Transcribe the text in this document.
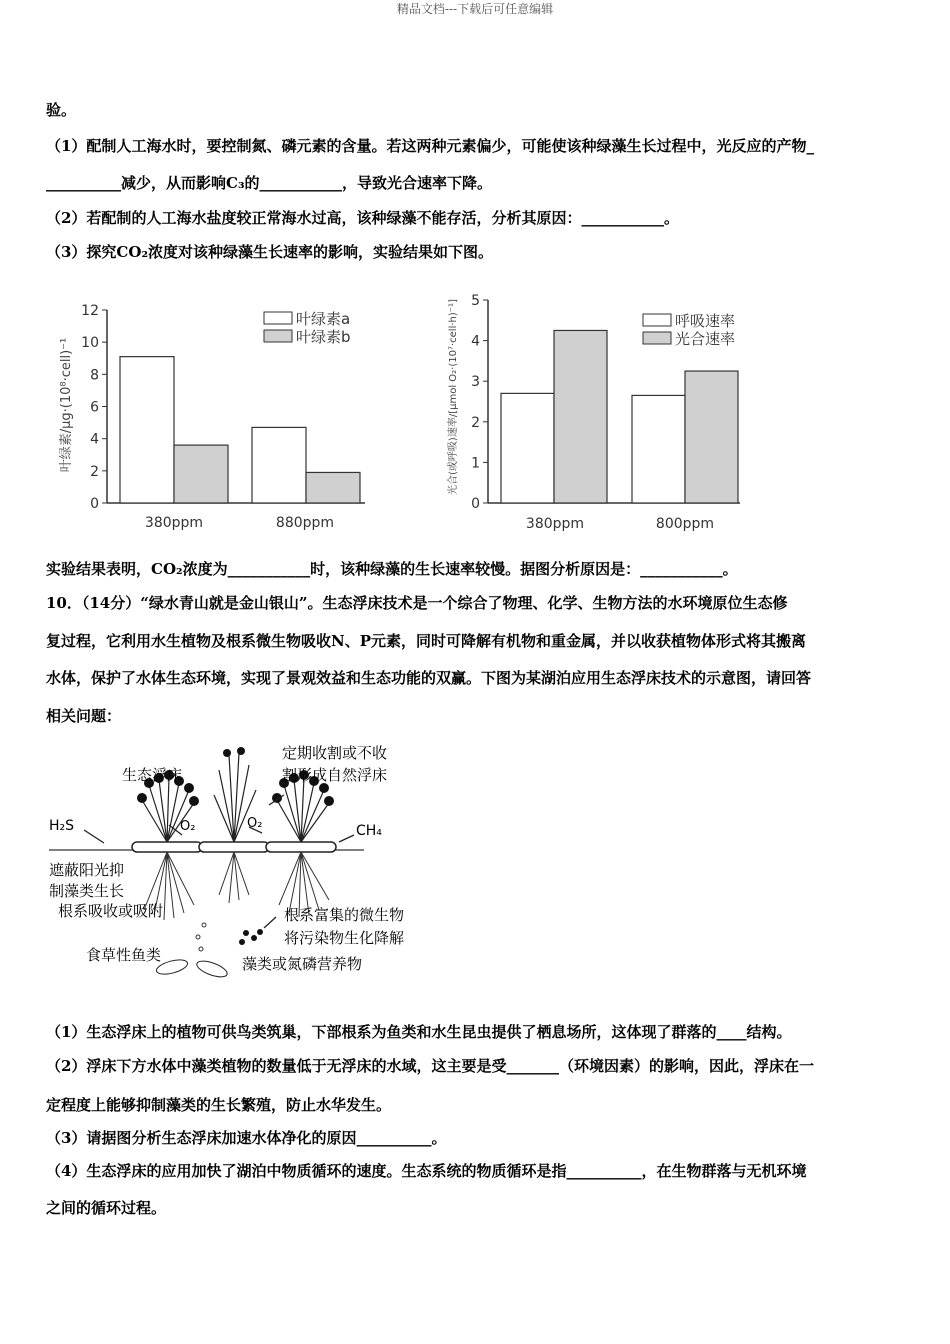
精品文档---下载后可任意编辑
验。
（1）配制人工海水时，要控制氮、磷元素的含量。若这两种元素偏少，可能使该种绿藻生长过程中，光反应的产物_
__________减少，从而影响C₃的___________，导致光合速率下降。
（2）若配制的人工海水盐度较正常海水过高，该种绿藻不能存活，分析其原因：___________。
（3）探究CO₂浓度对该种绿藻生长速率的影响，实验结果如下图。
叶绿素/μg·(10⁸·cell)⁻¹
0
2
4
6
8
10
12	叶绿素a
叶绿素b
380ppm	880ppm
光合(或呼吸)速率/[μmol O₂·(10⁷·cell·h)⁻¹]
0
1
2
3
4
5
呼吸速率
光合速率
380ppm	800ppm
实验结果表明，CO₂浓度为___________时，该种绿藻的生长速率较慢。据图分析原因是：___________。
10．（14分）“绿水青山就是金山银山”。生态浮床技术是一个综合了物理、化学、生物方法的水环境原位生态修
复过程，它利用水生植物及根系微生物吸收N、P元素，同时可降解有机物和重金属，并以收获植物体形式将其搬离
水体，保护了水体生态环境，实现了景观效益和生态功能的双赢。下图为某湖泊应用生态浮床技术的示意图，请回答
相关问题：
生态浮床
定期收割或不收
割形成自然浮床
H₂S	O₂	O₂	CH₄
遮蔽阳光抑
制藻类生长
根系吸收或吸附	根系富集的微生物
将污染物生化降解
食草性鱼类	藻类或氮磷营养物
（1）生态浮床上的植物可供鸟类筑巢，下部根系为鱼类和水生昆虫提供了栖息场所，这体现了群落的____结构。
（2）浮床下方水体中藻类植物的数量低于无浮床的水域，这主要是受_______（环境因素）的影响，因此，浮床在一
定程度上能够抑制藻类的生长繁殖，防止水华发生。
（3）请据图分析生态浮床加速水体净化的原因__________。
（4）生态浮床的应用加快了湖泊中物质循环的速度。生态系统的物质循环是指__________，在生物群落与无机环境
之间的循环过程。
